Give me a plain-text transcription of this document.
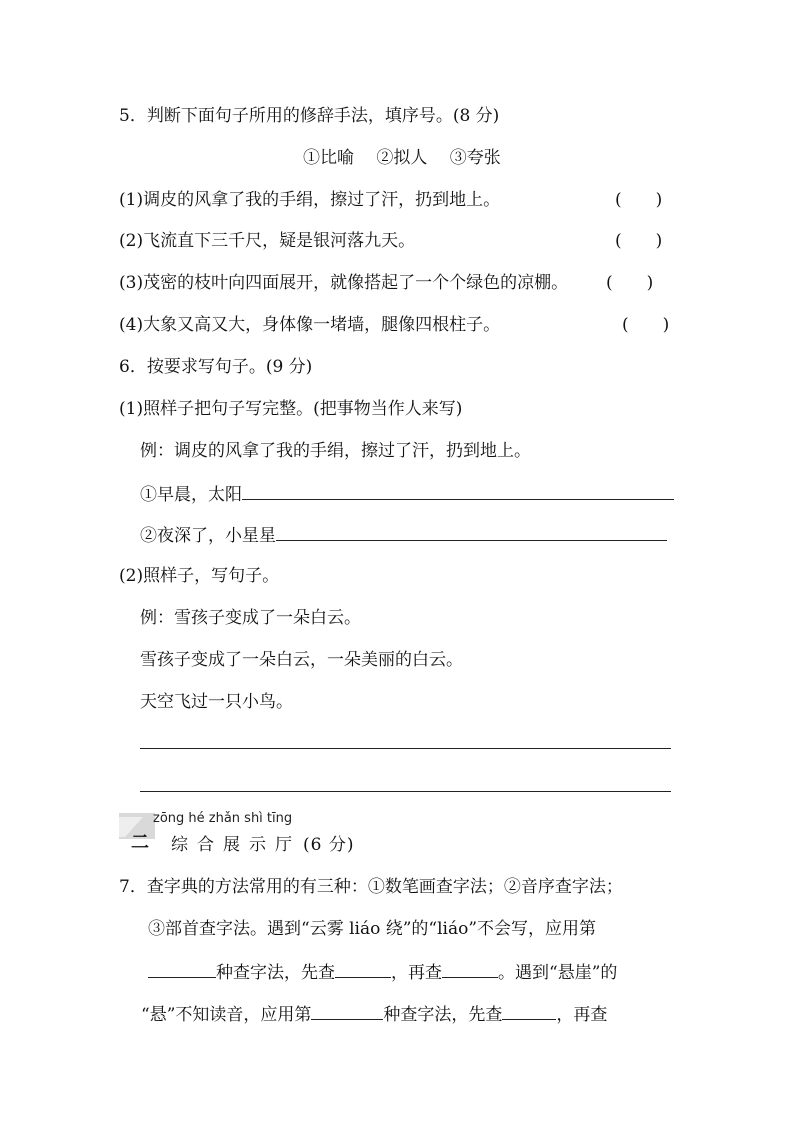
5．判断下面句子所用的修辞手法，填序号。(8 分)
①比喻　 ②拟人　 ③夸张
(1)调皮的风拿了我的手绢，擦过了汗，扔到地上。	(　　)
(2)飞流直下三千尺，疑是银河落九天。	(　　)
(3)茂密的枝叶向四面展开，就像搭起了一个个绿色的凉棚。 (　　)
(4)大象又高又大，身体像一堵墙，腿像四根柱子。	(　　)
6．按要求写句子。(9 分)
(1)照样子把句子写完整。(把事物当作人来写)
例：调皮的风拿了我的手绢，擦过了汗，扔到地上。
①早晨，太阳
②夜深了，小星星
(2)照样子，写句子。
例：雪孩子变成了一朵白云。
雪孩子变成了一朵白云，一朵美丽的白云。
天空飞过一只小鸟。
二
zōng hé zhǎn shì tīng
综合展示厅 (6 分)
7．查字典的方法常用的有三种：①数笔画查字法；②音序查字法；
③部首查字法。遇到“云雾 liáo 绕”的“liáo”不会写，应用第
种查字法，先查	，再查	。遇到“悬崖”的
“悬”不知读音，应用第	种查字法，先查	，再查
